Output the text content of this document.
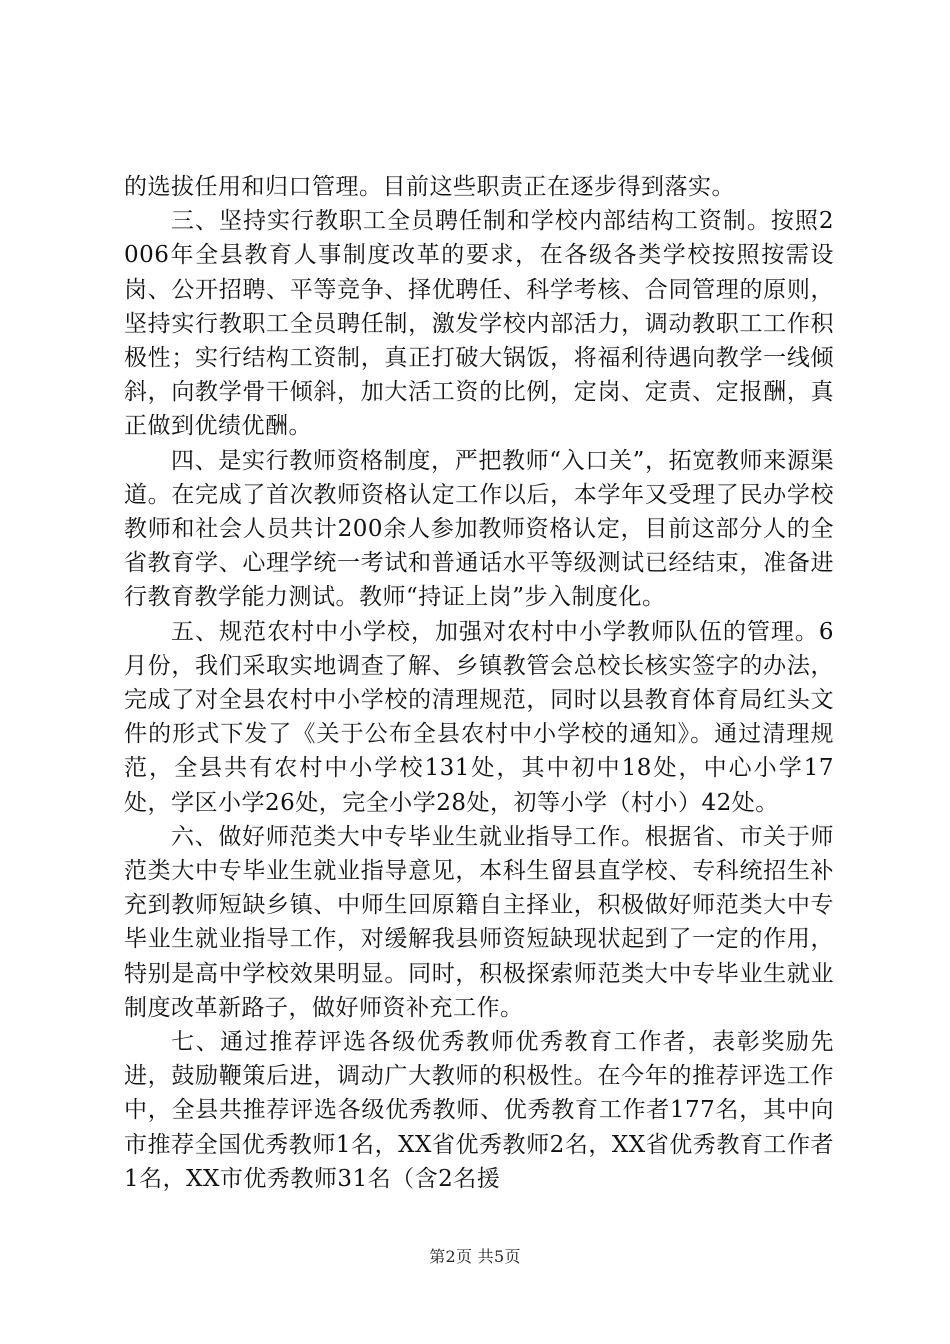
的选拔任用和归口管理。目前这些职责正在逐步得到落实。

三、坚持实行教职工全员聘任制和学校内部结构工资制。按照2006年全县教育人事制度改革的要求，在各级各类学校按照按需设岗、公开招聘、平等竞争、择优聘任、科学考核、合同管理的原则，坚持实行教职工全员聘任制，激发学校内部活力，调动教职工工作积极性；实行结构工资制，真正打破大锅饭，将福利待遇向教学一线倾斜，向教学骨干倾斜，加大活工资的比例，定岗、定责、定报酬，真正做到优绩优酬。

四、是实行教师资格制度，严把教师“入口关”，拓宽教师来源渠道。在完成了首次教师资格认定工作以后，本学年又受理了民办学校教师和社会人员共计200余人参加教师资格认定，目前这部分人的全省教育学、心理学统一考试和普通话水平等级测试已经结束，准备进行教育教学能力测试。教师“持证上岗”步入制度化。

五、规范农村中小学校，加强对农村中小学教师队伍的管理。6月份，我们采取实地调查了解、乡镇教管会总校长核实签字的办法，完成了对全县农村中小学校的清理规范，同时以县教育体育局红头文件的形式下发了《关于公布全县农村中小学校的通知》。通过清理规范，全县共有农村中小学校131处，其中初中18处，中心小学17处，学区小学26处，完全小学28处，初等小学（村小）42处。

六、做好师范类大中专毕业生就业指导工作。根据省、市关于师范类大中专毕业生就业指导意见，本科生留县直学校、专科统招生补充到教师短缺乡镇、中师生回原籍自主择业，积极做好师范类大中专毕业生就业指导工作，对缓解我县师资短缺现状起到了一定的作用，特别是高中学校效果明显。同时，积极探索师范类大中专毕业生就业制度改革新路子，做好师资补充工作。

七、通过推荐评选各级优秀教师优秀教育工作者，表彰奖励先进，鼓励鞭策后进，调动广大教师的积极性。在今年的推荐评选工作中，全县共推荐评选各级优秀教师、优秀教育工作者177名，其中向市推荐全国优秀教师1名，XX省优秀教师2名，XX省优秀教育工作者1名，XX市优秀教师31名（含2名援

第2页 共5页
